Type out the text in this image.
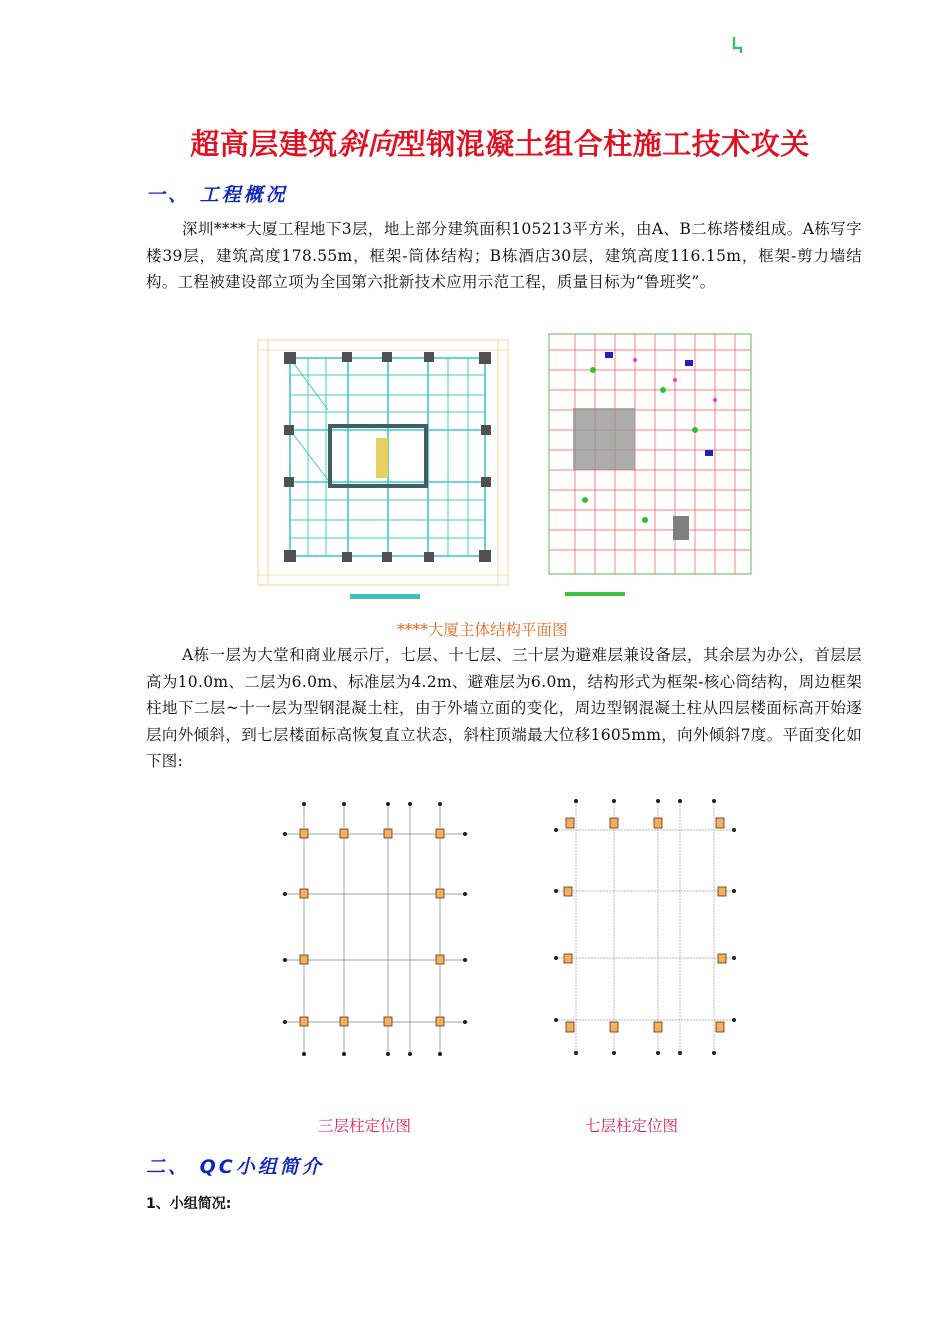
超高层建筑斜向型钢混凝土组合柱施工技术攻关
一、 工程概况
深圳****大厦工程地下3层，地上部分建筑面积105213平方米，由A、B二栋塔楼组成。A栋写字楼39层，建筑高度178.55m，框架-筒体结构；B栋酒店30层，建筑高度116.15m，框架-剪力墙结构。工程被建设部立项为全国第六批新技术应用示范工程，质量目标为“鲁班奖”。
****大厦主体结构平面图
A栋一层为大堂和商业展示厅，七层、十七层、三十层为避难层兼设备层，其余层为办公，首层层高为10.0m、二层为6.0m、标准层为4.2m、避难层为6.0m，结构形式为框架-核心筒结构，周边框架柱地下二层~十一层为型钢混凝土柱，由于外墙立面的变化，周边型钢混凝土柱从四层楼面标高开始逐层向外倾斜，到七层楼面标高恢复直立状态，斜柱顶端最大位移1605mm，向外倾斜7度。平面变化如下图:
三层柱定位图	七层柱定位图
二、 QC小组简介
1、小组简况:
